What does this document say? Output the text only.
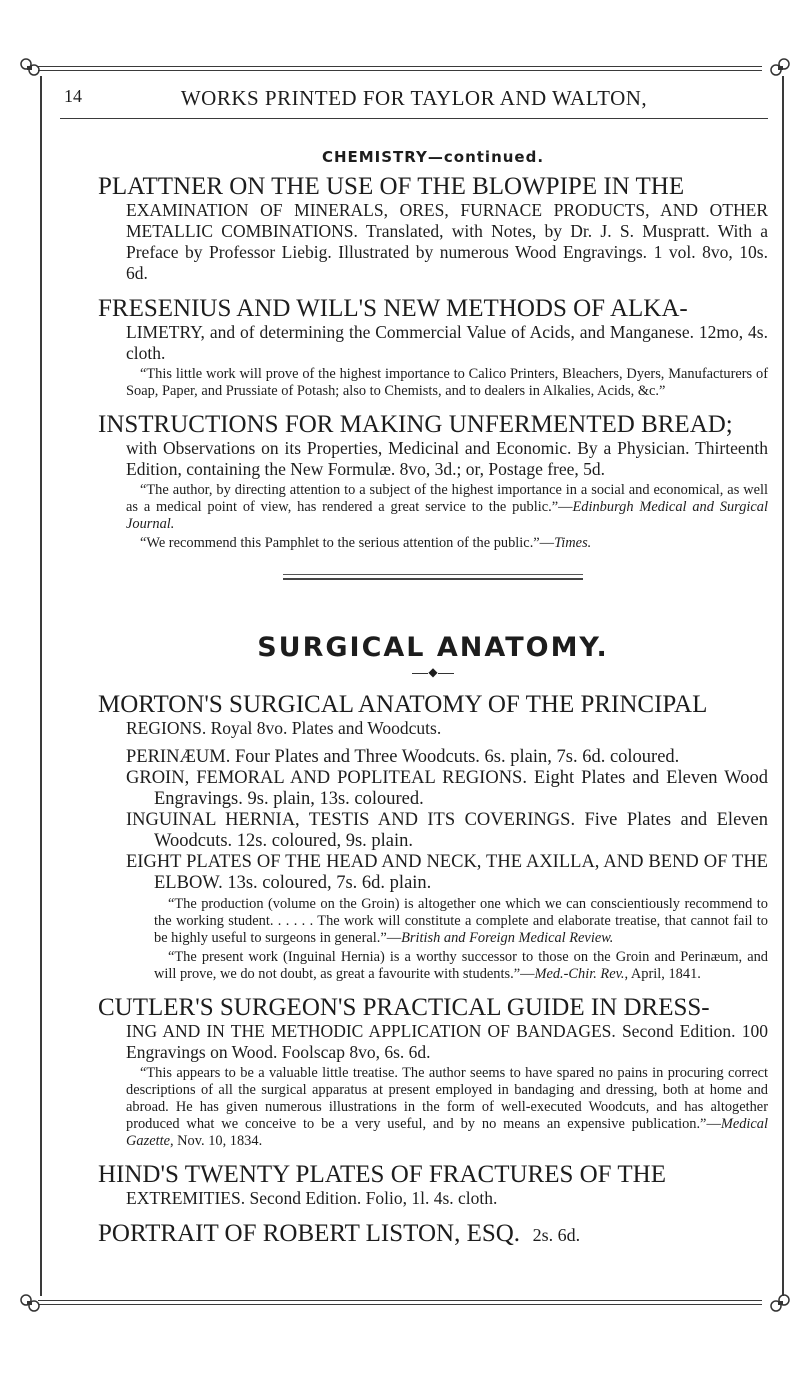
14	WORKS PRINTED FOR TAYLOR AND WALTON,
CHEMISTRY—continued.
PLATTNER ON THE USE OF THE BLOWPIPE IN THE
EXAMINATION OF MINERALS, ORES, FURNACE PRODUCTS, AND OTHER METALLIC COMBINATIONS. Translated, with Notes, by Dr. J. S. Muspratt. With a Preface by Professor Liebig. Illustrated by numerous Wood Engravings. 1 vol. 8vo, 10s. 6d.
FRESENIUS AND WILL'S NEW METHODS OF ALKA-
LIMETRY, and of determining the Commercial Value of Acids, and Manganese. 12mo, 4s. cloth.
“This little work will prove of the highest importance to Calico Printers, Bleachers, Dyers, Manufacturers of Soap, Paper, and Prussiate of Potash; also to Chemists, and to dealers in Alkalies, Acids, &c.”
INSTRUCTIONS FOR MAKING UNFERMENTED BREAD;
with Observations on its Properties, Medicinal and Economic. By a Physician. Thirteenth Edition, containing the New Formulæ. 8vo, 3d.; or, Postage free, 5d.
“The author, by directing attention to a subject of the highest importance in a social and economical, as well as a medical point of view, has rendered a great service to the public.”—Edinburgh Medical and Surgical Journal.
“We recommend this Pamphlet to the serious attention of the public.”—Times.
SURGICAL ANATOMY.
◆
MORTON'S SURGICAL ANATOMY OF THE PRINCIPAL
REGIONS. Royal 8vo. Plates and Woodcuts.
PERINÆUM. Four Plates and Three Woodcuts. 6s. plain, 7s. 6d. coloured.
GROIN, FEMORAL AND POPLITEAL REGIONS. Eight Plates and Eleven Wood Engravings. 9s. plain, 13s. coloured.
INGUINAL HERNIA, TESTIS AND ITS COVERINGS. Five Plates and Eleven Woodcuts. 12s. coloured, 9s. plain.
EIGHT PLATES OF THE HEAD AND NECK, THE AXILLA, AND BEND OF THE ELBOW. 13s. coloured, 7s. 6d. plain.
“The production (volume on the Groin) is altogether one which we can conscientiously recommend to the working student. . . . . . The work will constitute a complete and elaborate treatise, that cannot fail to be highly useful to surgeons in general.”—British and Foreign Medical Review.
“The present work (Inguinal Hernia) is a worthy successor to those on the Groin and Perinæum, and will prove, we do not doubt, as great a favourite with students.”—Med.-Chir. Rev., April, 1841.
CUTLER'S SURGEON'S PRACTICAL GUIDE IN DRESS-
ING AND IN THE METHODIC APPLICATION OF BANDAGES. Second Edition. 100 Engravings on Wood. Foolscap 8vo, 6s. 6d.
“This appears to be a valuable little treatise. The author seems to have spared no pains in procuring correct descriptions of all the surgical apparatus at present employed in bandaging and dressing, both at home and abroad. He has given numerous illustrations in the form of well-executed Woodcuts, and has altogether produced what we conceive to be a very useful, and by no means an expensive publication.”—Medical Gazette, Nov. 10, 1834.
HIND'S TWENTY PLATES OF FRACTURES OF THE
EXTREMITIES. Second Edition. Folio, 1l. 4s. cloth.
PORTRAIT OF ROBERT LISTON, ESQ. 2s. 6d.
